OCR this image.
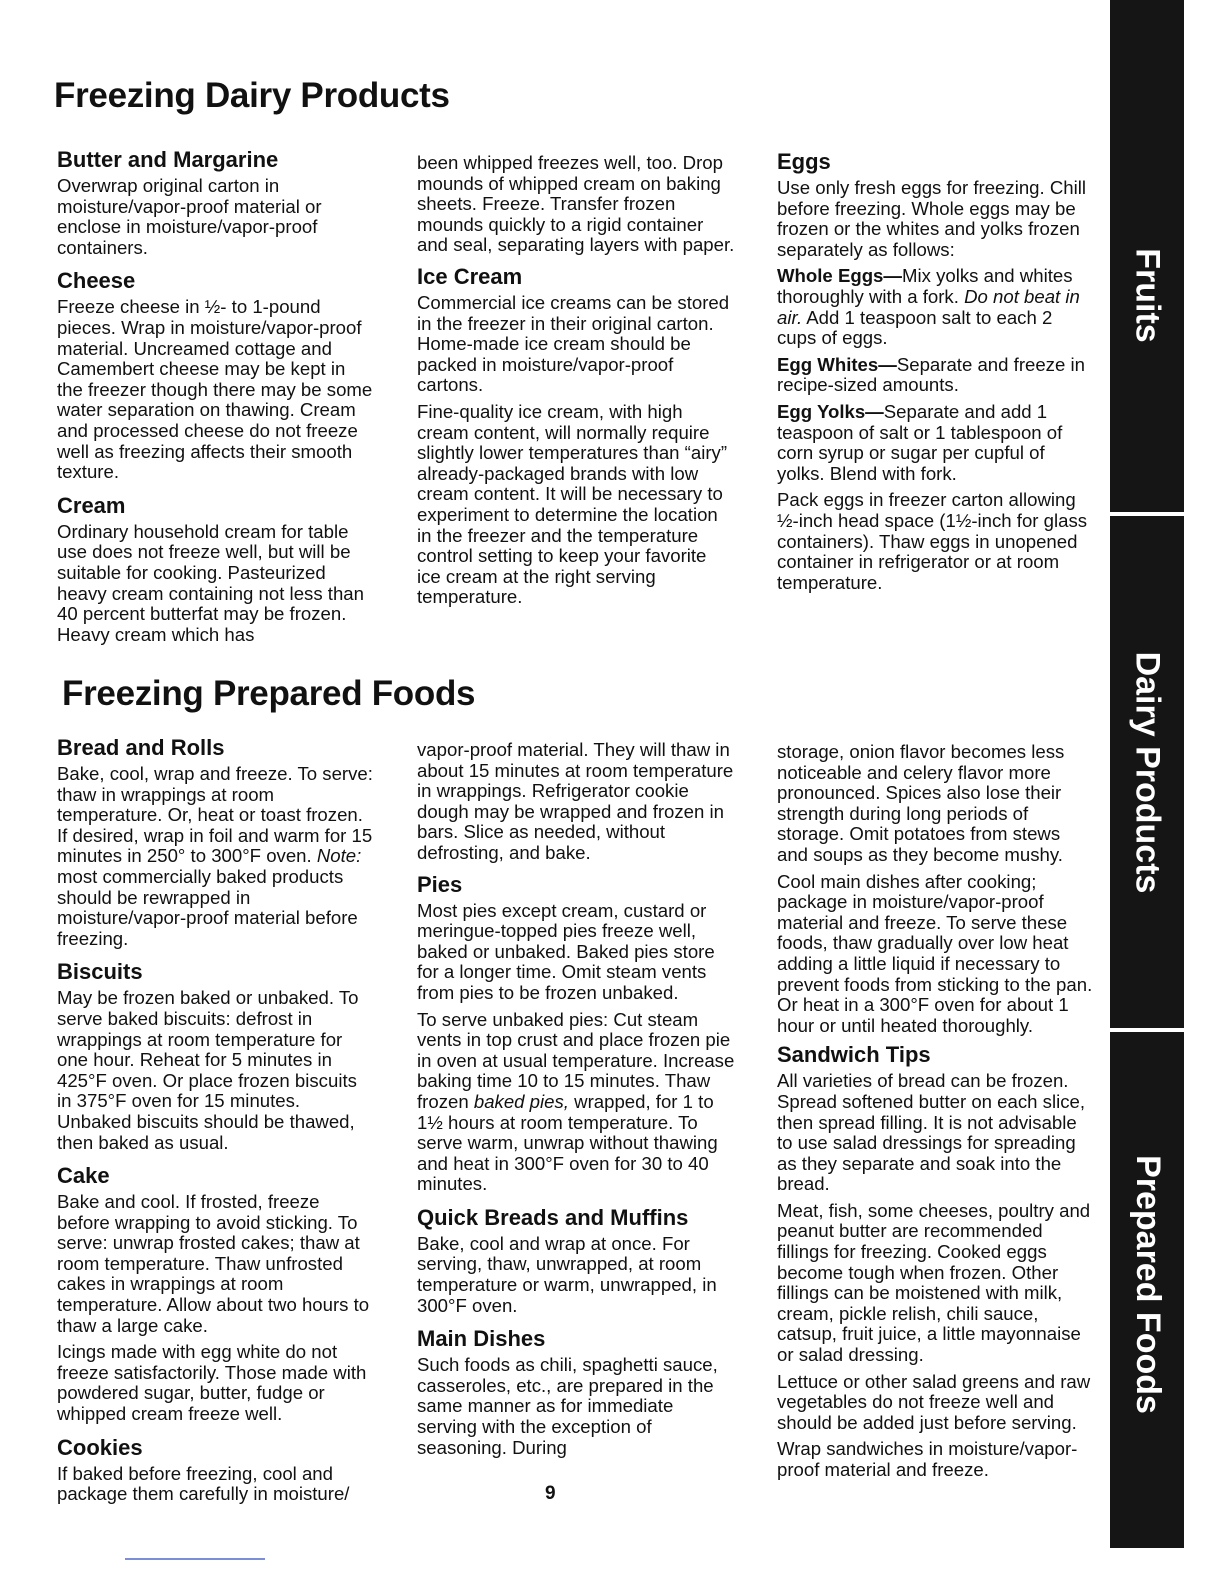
Freezing Dairy Products
Butter and Margarine

Overwrap original carton in moisture/vapor-proof material or enclose in moisture/vapor-proof containers.

Cheese

Freeze cheese in ½- to 1-pound pieces. Wrap in moisture/vapor-proof material. Uncreamed cottage and Camembert cheese may be kept in the freezer though there may be some water separation on thawing. Cream and processed cheese do not freeze well as freezing affects their smooth texture.

Cream

Ordinary household cream for table use does not freeze well, but will be suitable for cooking. Pasteurized heavy cream containing not less than 40 percent butterfat may be frozen. Heavy cream which has

been whipped freezes well, too. Drop mounds of whipped cream on baking sheets. Freeze. Transfer frozen mounds quickly to a rigid container and seal, separating layers with paper.

Ice Cream

Commercial ice creams can be stored in the freezer in their original carton. Home-made ice cream should be packed in moisture/vapor-proof cartons.

Fine-quality ice cream, with high cream content, will normally require slightly lower temperatures than “airy” already-packaged brands with low cream content. It will be necessary to experiment to determine the location in the freezer and the temperature control setting to keep your favorite ice cream at the right serving temperature.

Eggs

Use only fresh eggs for freezing. Chill before freezing. Whole eggs may be frozen or the whites and yolks frozen separately as follows:

Whole Eggs—Mix yolks and whites thoroughly with a fork. Do not beat in air. Add 1 teaspoon salt to each 2 cups of eggs.

Egg Whites—Separate and freeze in recipe-sized amounts.

Egg Yolks—Separate and add 1 teaspoon of salt or 1 tablespoon of corn syrup or sugar per cupful of yolks. Blend with fork.

Pack eggs in freezer carton allowing ½-inch head space (1½-inch for glass containers). Thaw eggs in unopened container in refrigerator or at room temperature.

Freezing Prepared Foods
Bread and Rolls

Bake, cool, wrap and freeze. To serve: thaw in wrappings at room temperature. Or, heat or toast frozen. If desired, wrap in foil and warm for 15 minutes in 250° to 300°F oven. Note: most commercially baked products should be rewrapped in moisture/vapor-proof material before freezing.

Biscuits

May be frozen baked or unbaked. To serve baked biscuits: defrost in wrappings at room temperature for one hour. Reheat for 5 minutes in 425°F oven. Or place frozen biscuits in 375°F oven for 15 minutes. Unbaked biscuits should be thawed, then baked as usual.

Cake

Bake and cool. If frosted, freeze before wrapping to avoid sticking. To serve: unwrap frosted cakes; thaw at room temperature. Thaw unfrosted cakes in wrappings at room temperature. Allow about two hours to thaw a large cake.

Icings made with egg white do not freeze satisfactorily. Those made with powdered sugar, butter, fudge or whipped cream freeze well.

Cookies

If baked before freezing, cool and package them carefully in moisture/

vapor-proof material. They will thaw in about 15 minutes at room temperature in wrappings. Refrigerator cookie dough may be wrapped and frozen in bars. Slice as needed, without defrosting, and bake.

Pies

Most pies except cream, custard or meringue-topped pies freeze well, baked or unbaked. Baked pies store for a longer time. Omit steam vents from pies to be frozen unbaked.

To serve unbaked pies: Cut steam vents in top crust and place frozen pie in oven at usual temperature. Increase baking time 10 to 15 minutes. Thaw frozen baked pies, wrapped, for 1 to 1½ hours at room temperature. To serve warm, unwrap without thawing and heat in 300°F oven for 30 to 40 minutes.

Quick Breads and Muffins

Bake, cool and wrap at once. For serving, thaw, unwrapped, at room temperature or warm, unwrapped, in 300°F oven.

Main Dishes

Such foods as chili, spaghetti sauce, casseroles, etc., are prepared in the same manner as for immediate serving with the exception of seasoning. During

storage, onion flavor becomes less noticeable and celery flavor more pronounced. Spices also lose their strength during long periods of storage. Omit potatoes from stews and soups as they become mushy.

Cool main dishes after cooking; package in moisture/vapor-proof material and freeze. To serve these foods, thaw gradually over low heat adding a little liquid if necessary to prevent foods from sticking to the pan. Or heat in a 300°F oven for about 1 hour or until heated thoroughly.

Sandwich Tips

All varieties of bread can be frozen. Spread softened butter on each slice, then spread filling. It is not advisable to use salad dressings for spreading as they separate and soak into the bread.

Meat, fish, some cheeses, poultry and peanut butter are recommended fillings for freezing. Cooked eggs become tough when frozen. Other fillings can be moistened with milk, cream, pickle relish, chili sauce, catsup, fruit juice, a little mayonnaise or salad dressing.

Lettuce or other salad greens and raw vegetables do not freeze well and should be added just before serving.

Wrap sandwiches in moisture/vapor-proof material and freeze.

9
Fruits
Dairy Products
Prepared Foods
